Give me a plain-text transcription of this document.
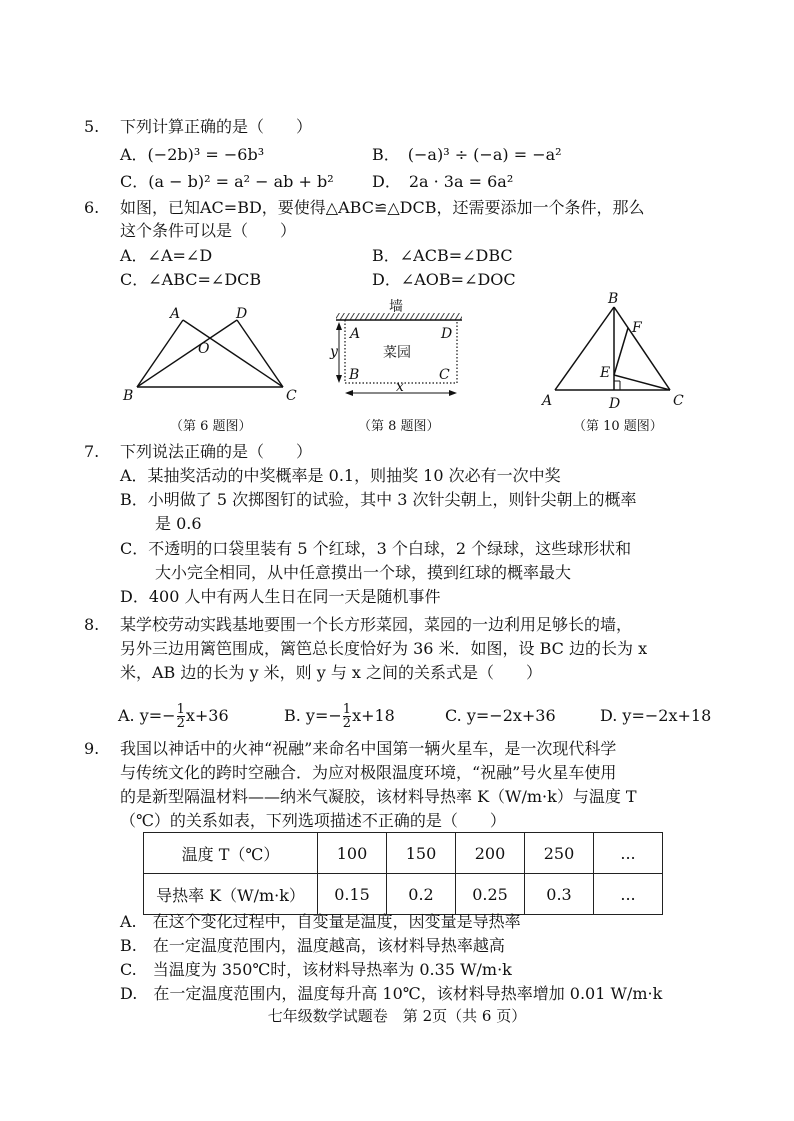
5. 下列计算正确的是（　　）
A．(−2b)³ = −6b³	B．　(−a)³ ÷ (−a) = −a²
C．(a − b)² = a² − ab + b² D．　2a · 3a = 6a²
6. 如图，已知AC=BD，要使得△ABC≌△DCB，还需要添加一个条件，那么
这个条件可以是（　　）
A．∠A=∠D	B．∠ACB=∠DBC
C．∠ABC=∠DCB	D．∠AOB=∠DOC
A	D
O
B	C
墙
菜园
A	D
B	C
y
x
B
F
E
A	D	C
（第 6 题图）	（第 8 题图）	（第 10 题图）
7. 下列说法正确的是（　　）
A．某抽奖活动的中奖概率是 0.1，则抽奖 10 次必有一次中奖
B．小明做了 5 次掷图钉的试验，其中 3 次针尖朝上，则针尖朝上的概率
是 0.6
C．不透明的口袋里装有 5 个红球，3 个白球，2 个绿球，这些球形状和
大小完全相同，从中任意摸出一个球，摸到红球的概率最大
D．400 人中有两人生日在同一天是随机事件
8. 某学校劳动实践基地要围一个长方形菜园，菜园的一边利用足够长的墙，
另外三边用篱笆围成，篱笆总长度恰好为 36 米．如图，设 BC 边的长为 x
米，AB 边的长为 y 米，则 y 与 x 之间的关系式是（　　）
A. $y=- \frac{1}{2} x+36$	B. $y=- \frac{1}{2} x+18$	C. y=−2x+36	D. y=−2x+18
9. 我国以神话中的火神“祝融”来命名中国第一辆火星车，是一次现代科学
与传统文化的跨时空融合．为应对极限温度环境，“祝融”号火星车使用
的是新型隔温材料——纳米气凝胶，该材料导热率 K（W/m·k）与温度 T
（℃）的关系如表，下列选项描述不正确的是（　　）
温度 T（℃）	100	150	200	250	...
导热率 K（W/m·k）	0.15	0.2	0.25	0.3	...
A.　在这个变化过程中，自变量是温度，因变量是导热率
B.　在一定温度范围内，温度越高，该材料导热率越高
C.　当温度为 350℃时，该材料导热率为 0.35 W/m·k
D.　在一定温度范围内，温度每升高 10℃，该材料导热率增加 0.01 W/m·k
七年级数学试题卷　第 2页（共 6 页）
